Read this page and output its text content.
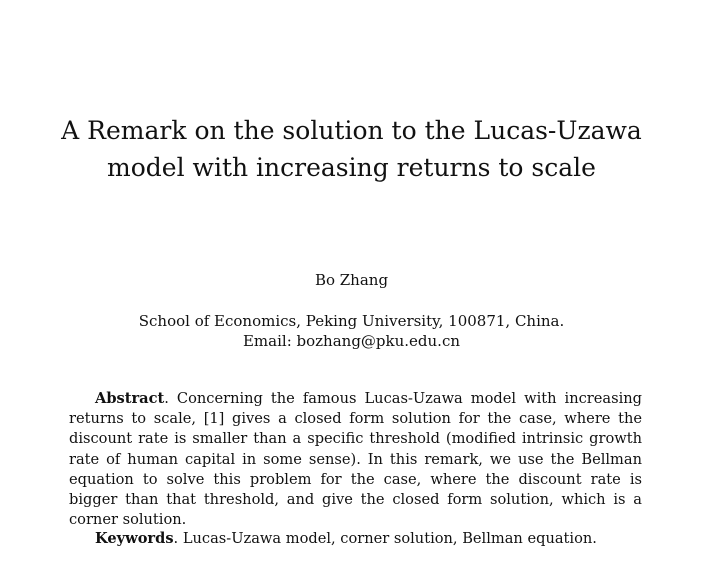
A Remark on the solution to the Lucas-Uzawa
model with increasing returns to scale

Bo Zhang

School of Economics, Peking University, 100871, China.
Email: bozhang@pku.edu.cn

Abstract. Concerning the famous Lucas-Uzawa model with increasing returns to scale, [1] gives a closed form solution for the case, where the discount rate is smaller than a specific threshold (modified intrinsic growth rate of human capital in some sense). In this remark, we use the Bellman equation to solve this problem for the case, where the discount rate is bigger than that threshold, and give the closed form solution, which is a corner solution.

Keywords. Lucas-Uzawa model, corner solution, Bellman equation.
